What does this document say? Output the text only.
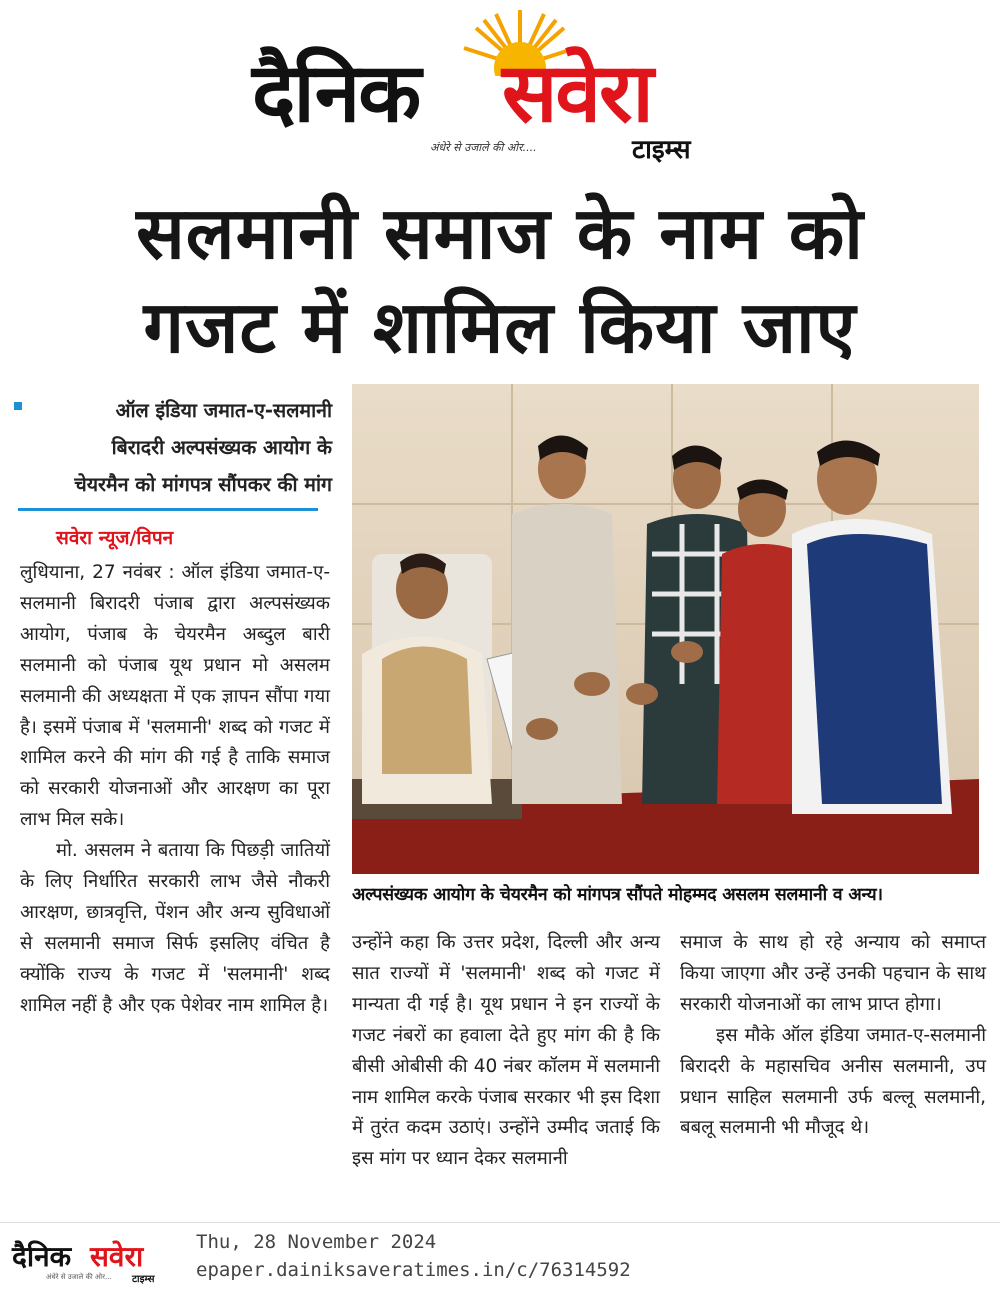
दैनिक सवेरा
अंधेरे से उजाले की ओर....	टाइम्स
सलमानी समाज के नाम को
गजट में शामिल किया जाए
ऑल इंडिया जमात-ए-सलमानी
बिरादरी अल्पसंख्यक आयोग के
चेयरमैन को मांगपत्र सौंपकर की मांग
सवेरा न्यूज/विपन

लुधियाना, 27 नवंबर : ऑल इंडिया जमात-ए-सलमानी बिरादरी पंजाब द्वारा अल्पसंख्यक आयोग, पंजाब के चेयरमैन अब्दुल बारी सलमानी को पंजाब यूथ प्रधान मो असलम सलमानी की अध्यक्षता में एक ज्ञापन सौंपा गया है। इसमें पंजाब में 'सलमानी' शब्द को गजट में शामिल करने की मांग की गई है ताकि समाज को सरकारी योजनाओं और आरक्षण का पूरा लाभ मिल सके।

मो. असलम ने बताया कि पिछड़ी जातियों के लिए निर्धारित सरकारी लाभ जैसे नौकरी आरक्षण, छात्रवृत्ति, पेंशन और अन्य सुविधाओं से सलमानी समाज सिर्फ इसलिए वंचित है क्योंकि राज्य के गजट में 'सलमानी' शब्द शामिल नहीं है और एक पेशेवर नाम शामिल है।

उन्होंने कहा कि उत्तर प्रदेश, दिल्ली और अन्य सात राज्यों में 'सलमानी' शब्द को गजट में मान्यता दी गई है। यूथ प्रधान ने इन राज्यों के गजट नंबरों का हवाला देते हुए मांग की है कि बीसी ओबीसी की 40 नंबर कॉलम में सलमानी नाम शामिल करके पंजाब सरकार भी इस दिशा में तुरंत कदम उठाएं। उन्होंने उम्मीद जताई कि इस मांग पर ध्यान देकर सलमानी

समाज के साथ हो रहे अन्याय को समाप्त किया जाएगा और उन्हें उनकी पहचान के साथ सरकारी योजनाओं का लाभ प्राप्त होगा।

इस मौके ऑल इंडिया जमात-ए-सलमानी बिरादरी के महासचिव अनीस सलमानी, उप प्रधान साहिल सलमानी उर्फ बल्लू सलमानी, बबलू सलमानी भी मौजूद थे।

अल्पसंख्यक आयोग के चेयरमैन को मांगपत्र सौंपते मोहम्मद असलम सलमानी व अन्य।
दैनिक सवेरा
अंधेरे से उजाले की ओर... टाइम्स
Thu, 28 November 2024
epaper.dainiksaveratimes.in/c/76314592
